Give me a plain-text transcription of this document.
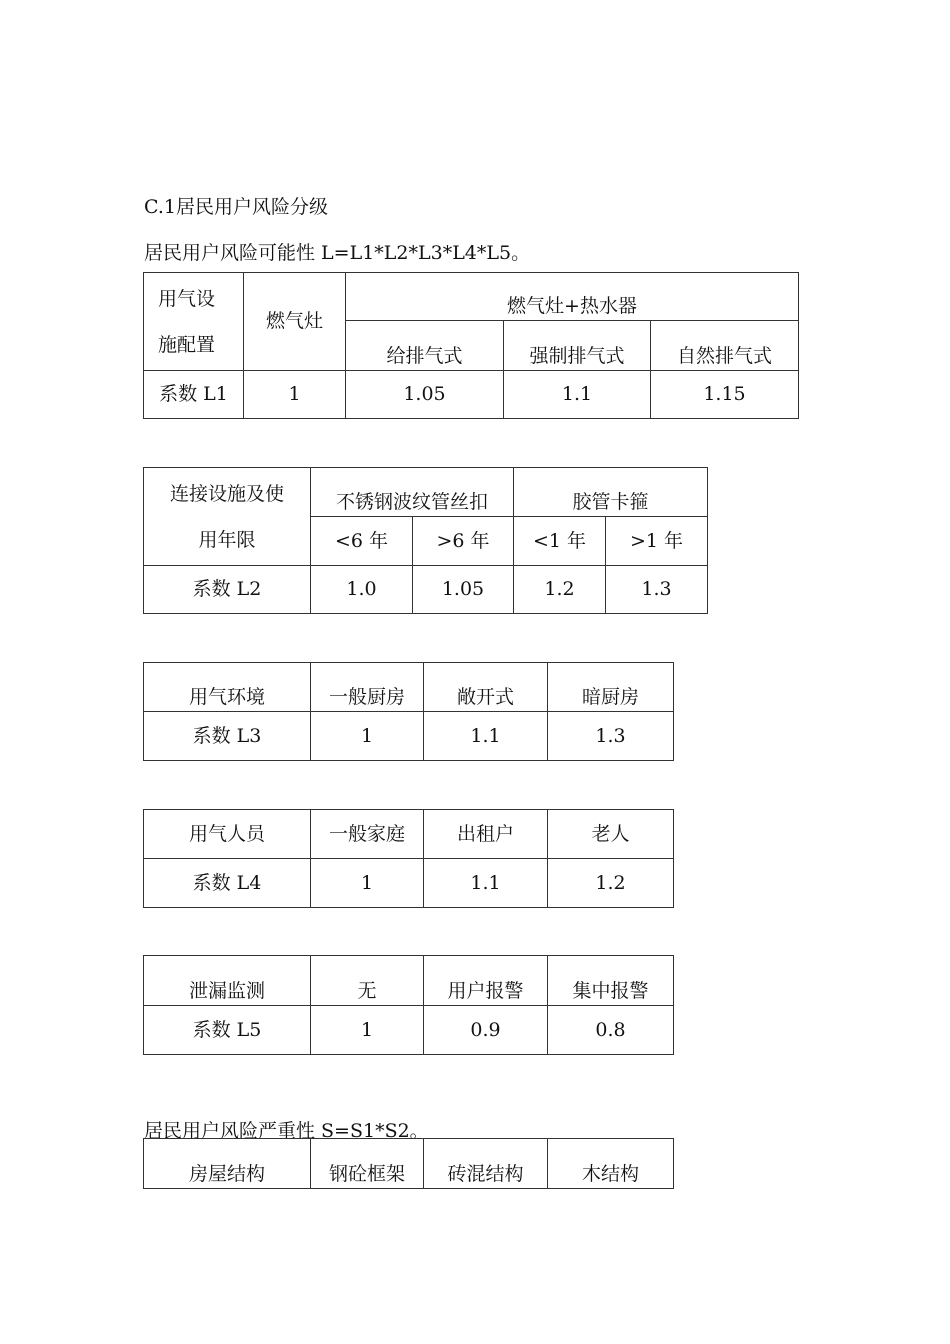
C.1居民用户风险分级
居民用户风险可能性 L=L1*L2*L3*L4*L5。
用气设
施配置	燃气灶	燃气灶+热水器		
		给排气式	强制排气式	自然排气式
系数 L1	1	1.05	1.1	1.15
连接设施及使
用年限	不锈钢波纹管丝扣		胶管卡箍	
	<6 年	>6 年	<1 年	>1 年
系数 L2	1.0	1.05	1.2	1.3
用气环境	一般厨房	敞开式	暗厨房
系数 L3	1	1.1	1.3
用气人员	一般家庭	出租户	老人
系数 L4	1	1.1	1.2
泄漏监测	无	用户报警	集中报警
系数 L5	1	0.9	0.8
居民用户风险严重性 S=S1*S2。
房屋结构	钢砼框架	砖混结构	木结构
